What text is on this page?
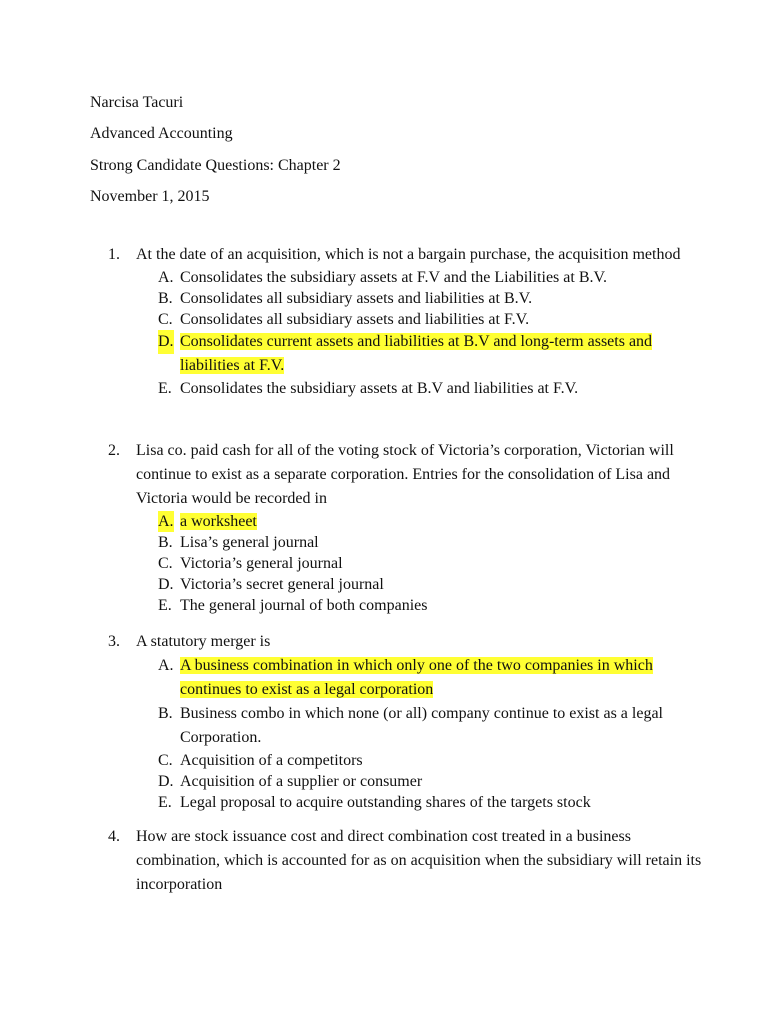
Narcisa Tacuri

Advanced Accounting

Strong Candidate Questions: Chapter 2

November 1, 2015

1. At the date of an acquisition, which is not a bargain purchase, the acquisition method
A. Consolidates the subsidiary assets at F.V and the Liabilities at B.V.
B. Consolidates all subsidiary assets and liabilities at B.V.
C. Consolidates all subsidiary assets and liabilities at F.V.
D. Consolidates current assets and liabilities at B.V and long-term assets and liabilities at F.V.
E. Consolidates the subsidiary assets at B.V and liabilities at F.V.
2. Lisa co. paid cash for all of the voting stock of Victoria’s corporation, Victorian will continue to exist as a separate corporation. Entries for the consolidation of Lisa and Victoria would be recorded in
A. a worksheet
B. Lisa’s general journal
C. Victoria’s general journal
D. Victoria’s secret general journal
E. The general journal of both companies
3. A statutory merger is
A. A business combination in which only one of the two companies in which continues to exist as a legal corporation
B. Business combo in which none (or all) company continue to exist as a legal Corporation.
C. Acquisition of a competitors
D. Acquisition of a supplier or consumer
E. Legal proposal to acquire outstanding shares of the targets stock
4. How are stock issuance cost and direct combination cost treated in a business combination, which is accounted for as on acquisition when the subsidiary will retain its incorporation
